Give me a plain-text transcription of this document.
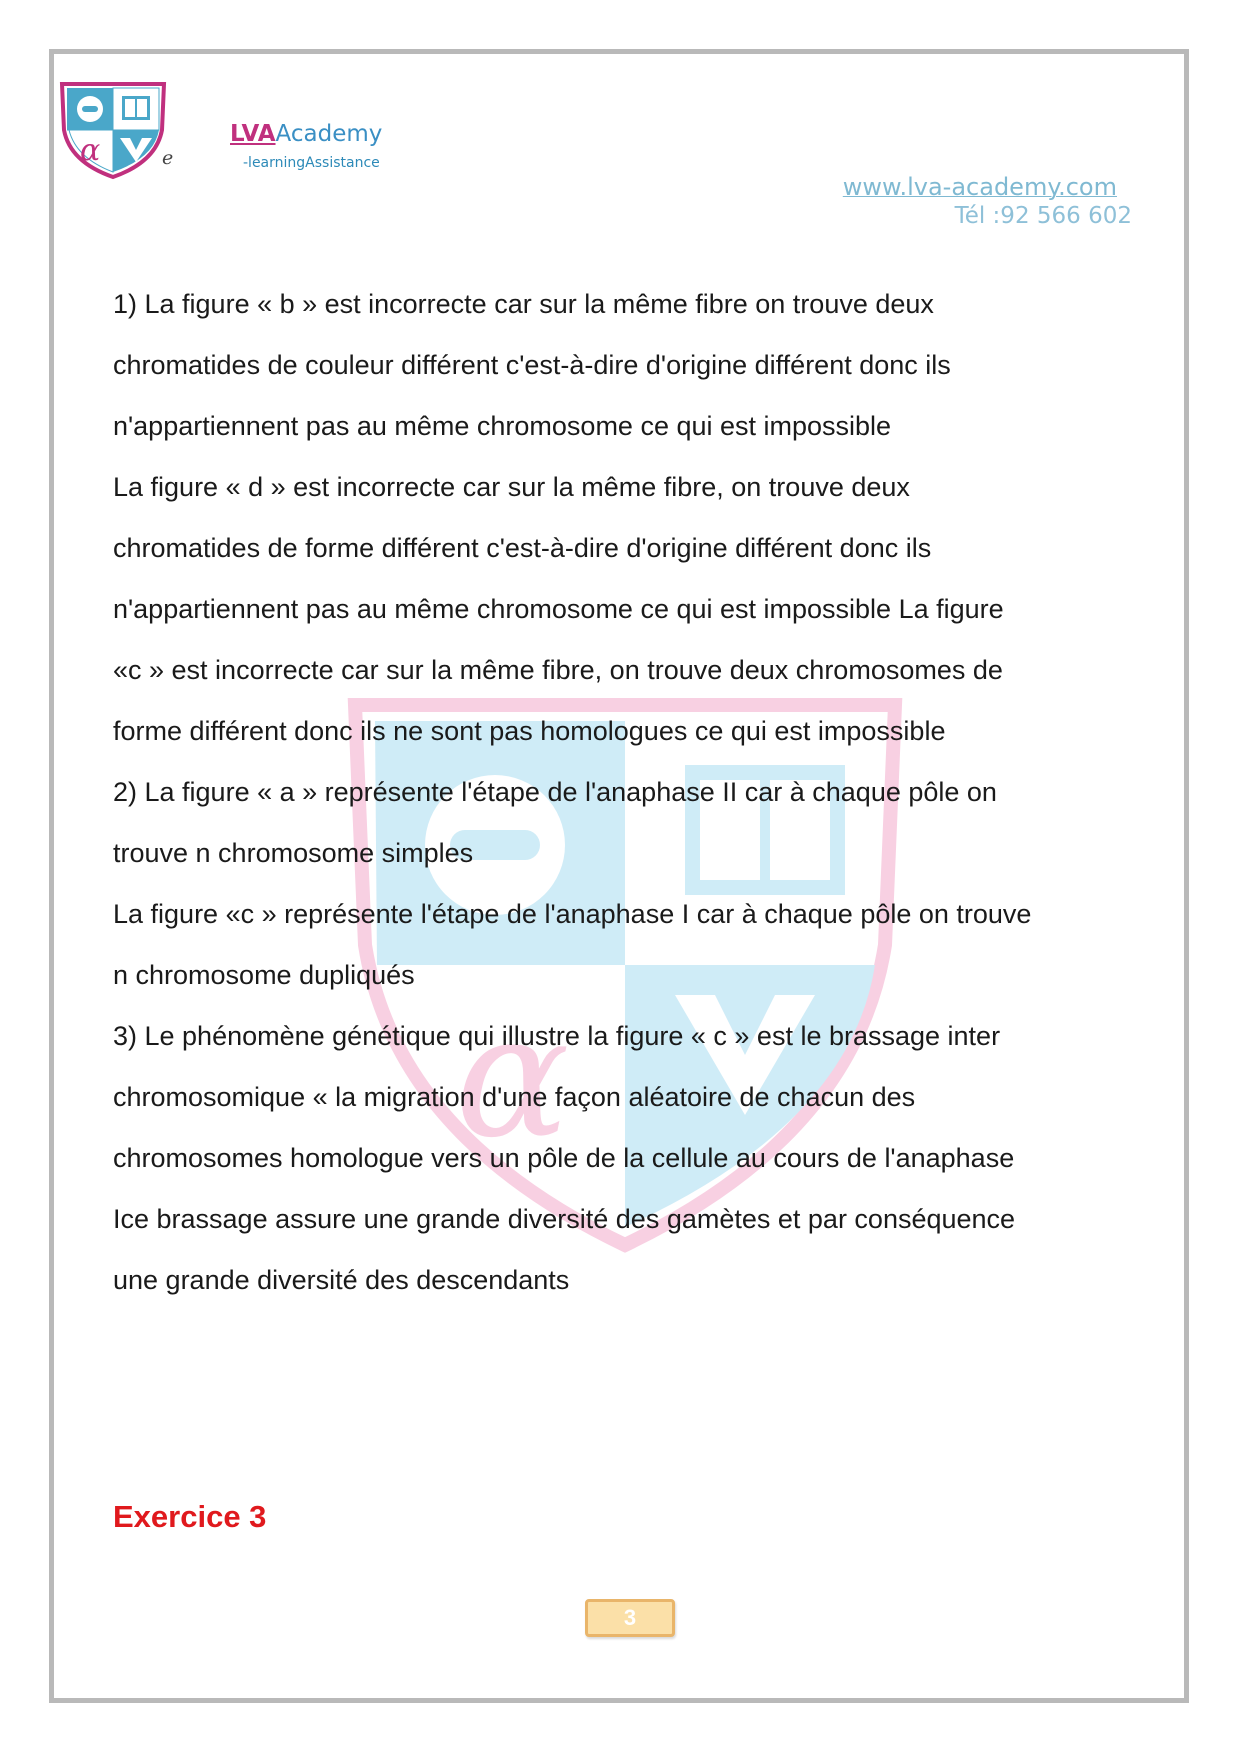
α	e
LVAAcademy
-learningAssistance
www.lva-academy.com
Tél :92 566 602
α
1) La figure « b » est incorrecte car sur la même fibre on trouve deux
chromatides de couleur différent c'est-à-dire d'origine différent donc ils
n'appartiennent pas au même chromosome ce qui est impossible
La figure « d » est incorrecte car sur la même fibre, on trouve deux
chromatides de forme différent c'est-à-dire d'origine différent donc ils
n'appartiennent pas au même chromosome ce qui est impossible La figure
«c » est incorrecte car sur la même fibre, on trouve deux chromosomes de
forme différent donc ils ne sont pas homologues ce qui est impossible
2) La figure « a » représente l'étape de l'anaphase II car à chaque pôle on
trouve n chromosome simples
La figure «c » représente l'étape de l'anaphase I car à chaque pôle on trouve
n chromosome dupliqués
3) Le phénomène génétique qui illustre la figure « c » est le brassage inter
chromosomique « la migration d'une façon aléatoire de chacun des
chromosomes homologue vers un pôle de la cellule au cours de l'anaphase
Ice brassage assure une grande diversité des gamètes et par conséquence
une grande diversité des descendants
Exercice 3
3
